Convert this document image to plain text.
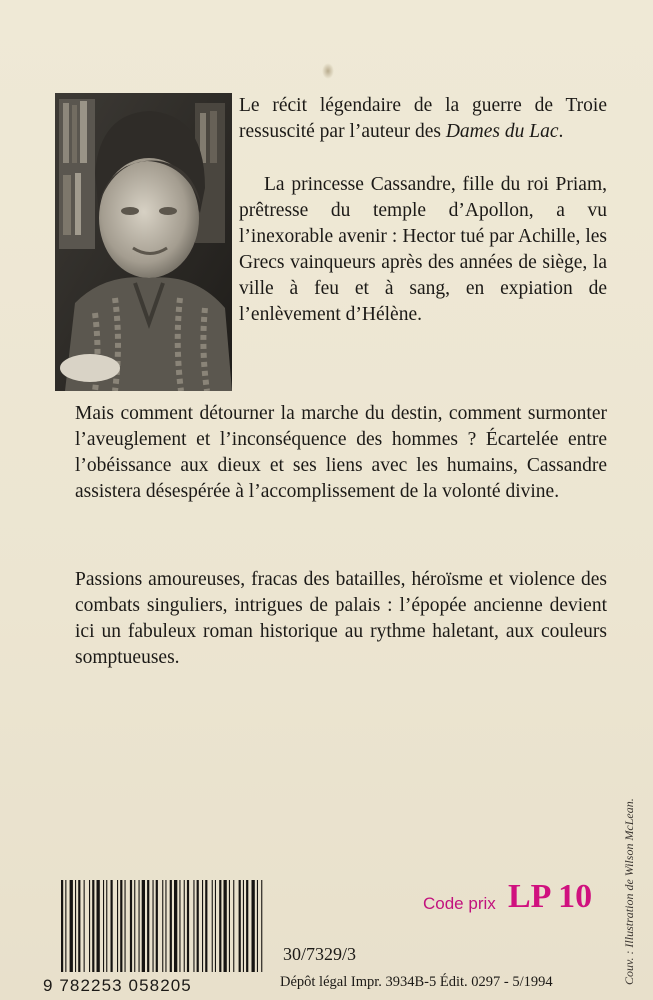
Le récit légendaire de la guerre de Troie ressuscité par l’auteur des Dames du Lac.

La princesse Cassandre, fille du roi Priam, prêtresse du temple d’Apollon, a vu l’inexorable avenir : Hector tué par Achille, les Grecs vainqueurs après des années de siège, la ville à feu et à sang, en expiation de l’enlèvement d’Hélène.

Mais comment détourner la marche du destin, comment surmonter l’aveuglement et l’inconséquence des hommes ? Écartelée entre l’obéissance aux dieux et ses liens avec les humains, Cassandre assistera désespérée à l’accomplissement de la volonté divine.

Passions amoureuses, fracas des batailles, héroïsme et violence des combats singuliers, intrigues de palais : l’épopée ancienne devient ici un fabuleux roman historique au rythme haletant, aux couleurs somptueuses.

9 782253 058205
Code prix LP 10
30/7329/3
Dépôt légal Impr. 3934B-5 Édit. 0297 - 5/1994	Couv. : Illustration de Wilson McLean.
